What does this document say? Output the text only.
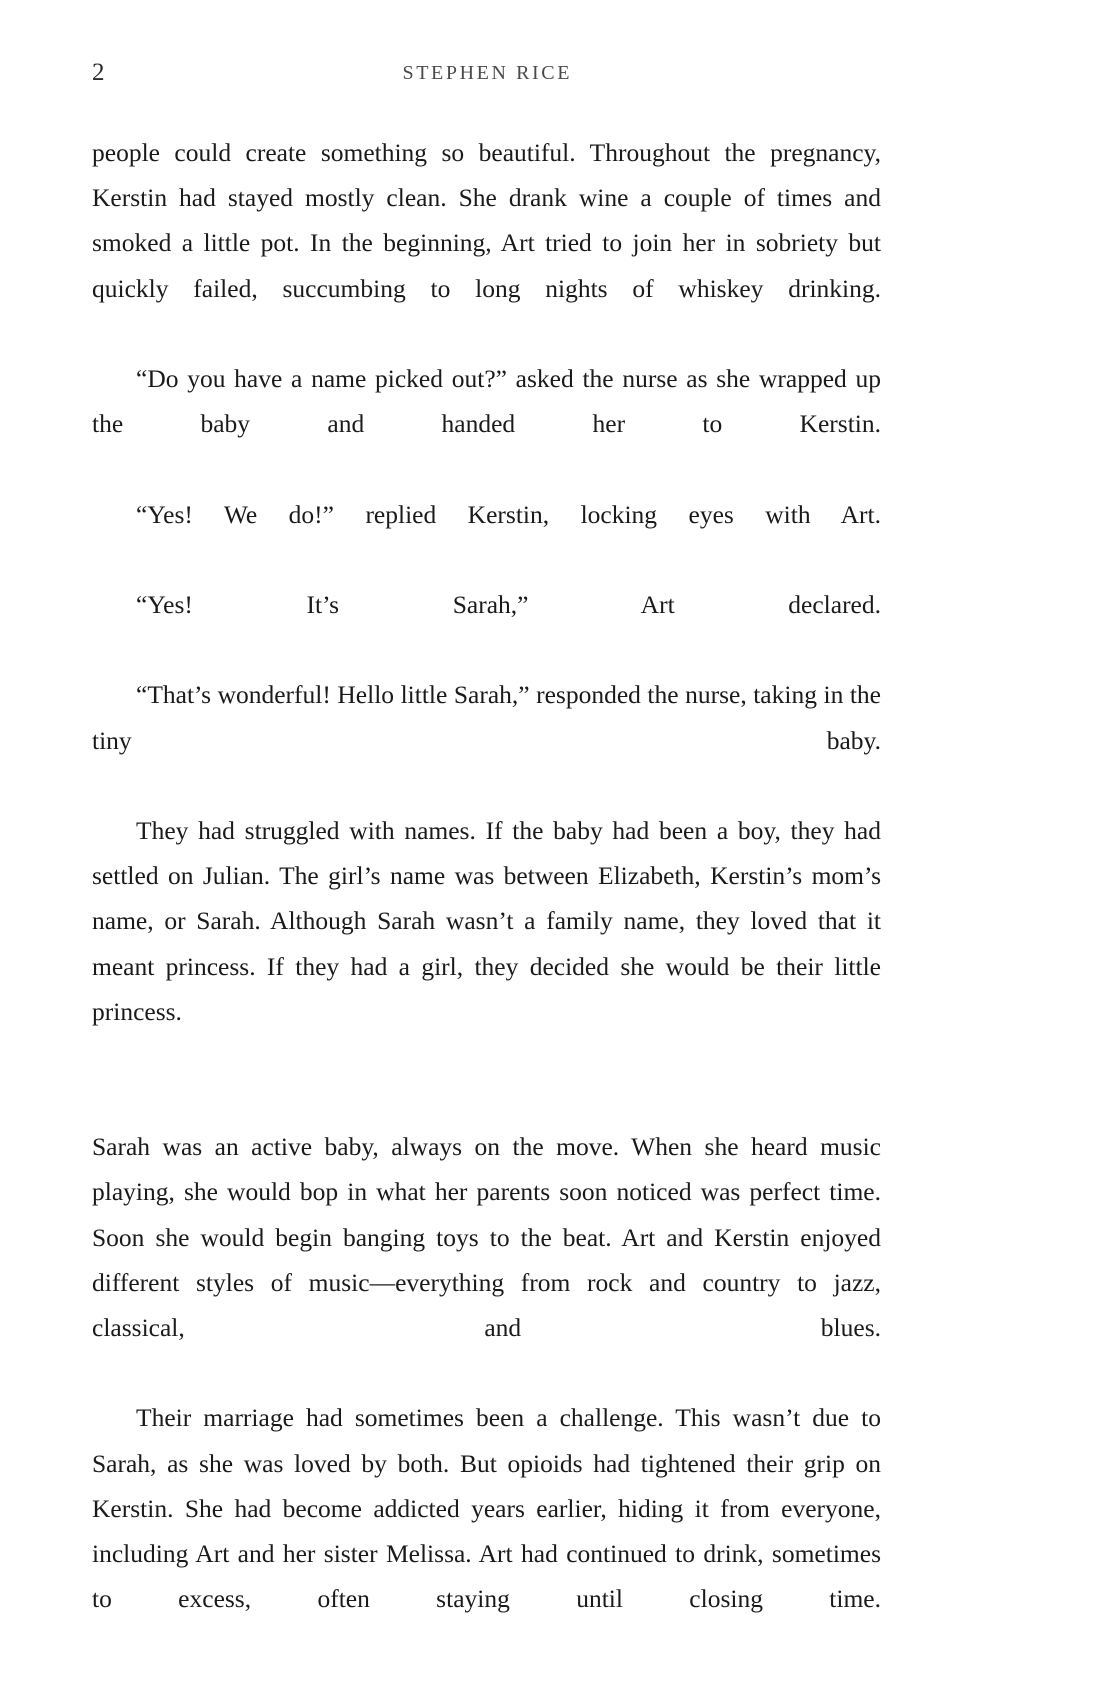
2	STEPHEN RICE

people could create something so beautiful. Throughout the pregnancy, Kerstin had stayed mostly clean. She drank wine a couple of times and smoked a little pot. In the beginning, Art tried to join her in sobriety but quickly failed, succumbing to long nights of whiskey drinking.

“Do you have a name picked out?” asked the nurse as she wrapped up the baby and handed her to Kerstin.

“Yes! We do!” replied Kerstin, locking eyes with Art.

“Yes! It’s Sarah,” Art declared.

“That’s wonderful! Hello little Sarah,” responded the nurse, taking in the tiny baby.

They had struggled with names. If the baby had been a boy, they had settled on Julian. The girl’s name was between Elizabeth, Kerstin’s mom’s name, or Sarah. Although Sarah wasn’t a family name, they loved that it meant princess. If they had a girl, they decided she would be their little princess.

Sarah was an active baby, always on the move. When she heard music playing, she would bop in what her parents soon noticed was perfect time. Soon she would begin banging toys to the beat. Art and Kerstin enjoyed different styles of music—everything from rock and country to jazz, classical, and blues.

Their marriage had sometimes been a challenge. This wasn’t due to Sarah, as she was loved by both. But opioids had tightened their grip on Kerstin. She had become addicted years earlier, hiding it from everyone, including Art and her sister Melissa. Art had continued to drink, sometimes to excess, often staying until closing time.
